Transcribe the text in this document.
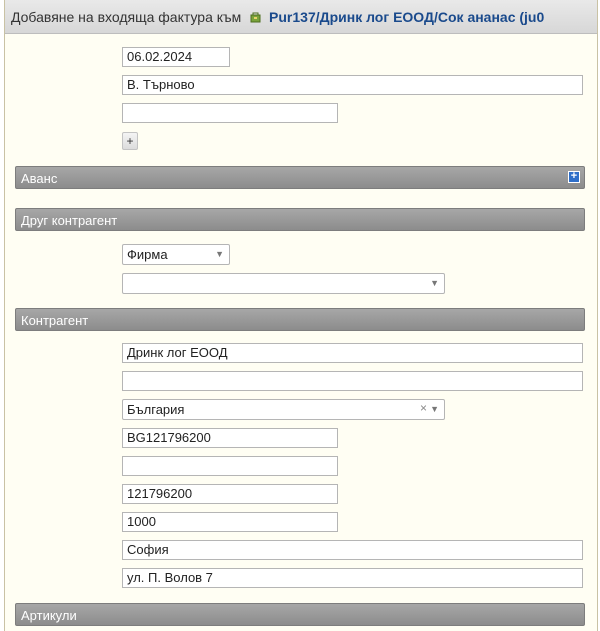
Добавяне на входяща фактура към Pur137/Дринк лог ЕООД/Сок ананас (ju0
06.02.2024
В. Търново
+
Аванс	+
Друг контрагент
Фирма	▼
▼
Контрагент
Дринк лог ЕООД
България	× ▼
BG121796200
121796200
1000
София
ул. П. Волов 7
Артикули
